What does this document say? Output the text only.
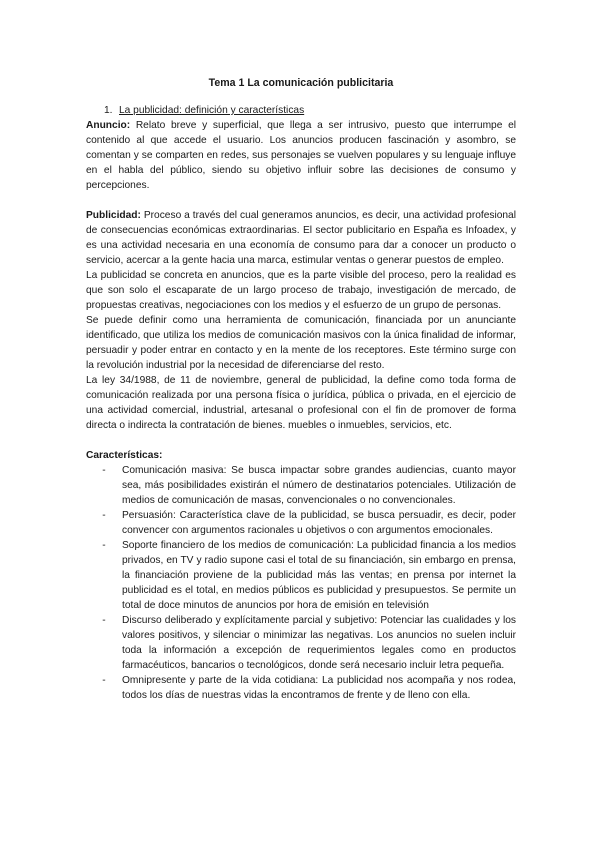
Tema 1 La comunicación publicitaria
1. La publicidad: definición y características

Anuncio: Relato breve y superficial, que llega a ser intrusivo, puesto que interrumpe el contenido al que accede el usuario. Los anuncios producen fascinación y asombro, se comentan y se comparten en redes, sus personajes se vuelven populares y su lenguaje influye en el habla del público, siendo su objetivo influir sobre las decisiones de consumo y percepciones.

Publicidad: Proceso a través del cual generamos anuncios, es decir, una actividad profesional de consecuencias económicas extraordinarias. El sector publicitario en España es Infoadex, y es una actividad necesaria en una economía de consumo para dar a conocer un producto o servicio, acercar a la gente hacia una marca, estimular ventas o generar puestos de empleo.

La publicidad se concreta en anuncios, que es la parte visible del proceso, pero la realidad es que son solo el escaparate de un largo proceso de trabajo, investigación de mercado, de propuestas creativas, negociaciones con los medios y el esfuerzo de un grupo de personas.

Se puede definir como una herramienta de comunicación, financiada por un anunciante identificado, que utiliza los medios de comunicación masivos con la única finalidad de informar, persuadir y poder entrar en contacto y en la mente de los receptores. Este término surge con la revolución industrial por la necesidad de diferenciarse del resto.

La ley 34/1988, de 11 de noviembre, general de publicidad, la define como toda forma de comunicación realizada por una persona física o jurídica, pública o privada, en el ejercicio de una actividad comercial, industrial, artesanal o profesional con el fin de promover de forma directa o indirecta la contratación de bienes. muebles o inmuebles, servicios, etc.

Características:
-	Comunicación masiva: Se busca impactar sobre grandes audiencias, cuanto mayor sea, más posibilidades existirán el número de destinatarios potenciales. Utilización de medios de comunicación de masas, convencionales o no convencionales.
-	Persuasión: Característica clave de la publicidad, se busca persuadir, es decir, poder convencer con argumentos racionales u objetivos o con argumentos emocionales.
-	Soporte financiero de los medios de comunicación: La publicidad financia a los medios privados, en TV y radio supone casi el total de su financiación, sin embargo en prensa, la financiación proviene de la publicidad más las ventas; en prensa por internet la publicidad es el total, en medios públicos es publicidad y presupuestos. Se permite un total de doce minutos de anuncios por hora de emisión en televisión
-	Discurso deliberado y explícitamente parcial y subjetivo: Potenciar las cualidades y los valores positivos, y silenciar o minimizar las negativas. Los anuncios no suelen incluir toda la información a excepción de requerimientos legales como en productos farmacéuticos, bancarios o tecnológicos, donde será necesario incluir letra pequeña.
-	Omnipresente y parte de la vida cotidiana: La publicidad nos acompaña y nos rodea, todos los días de nuestras vidas la encontramos de frente y de lleno con ella.
